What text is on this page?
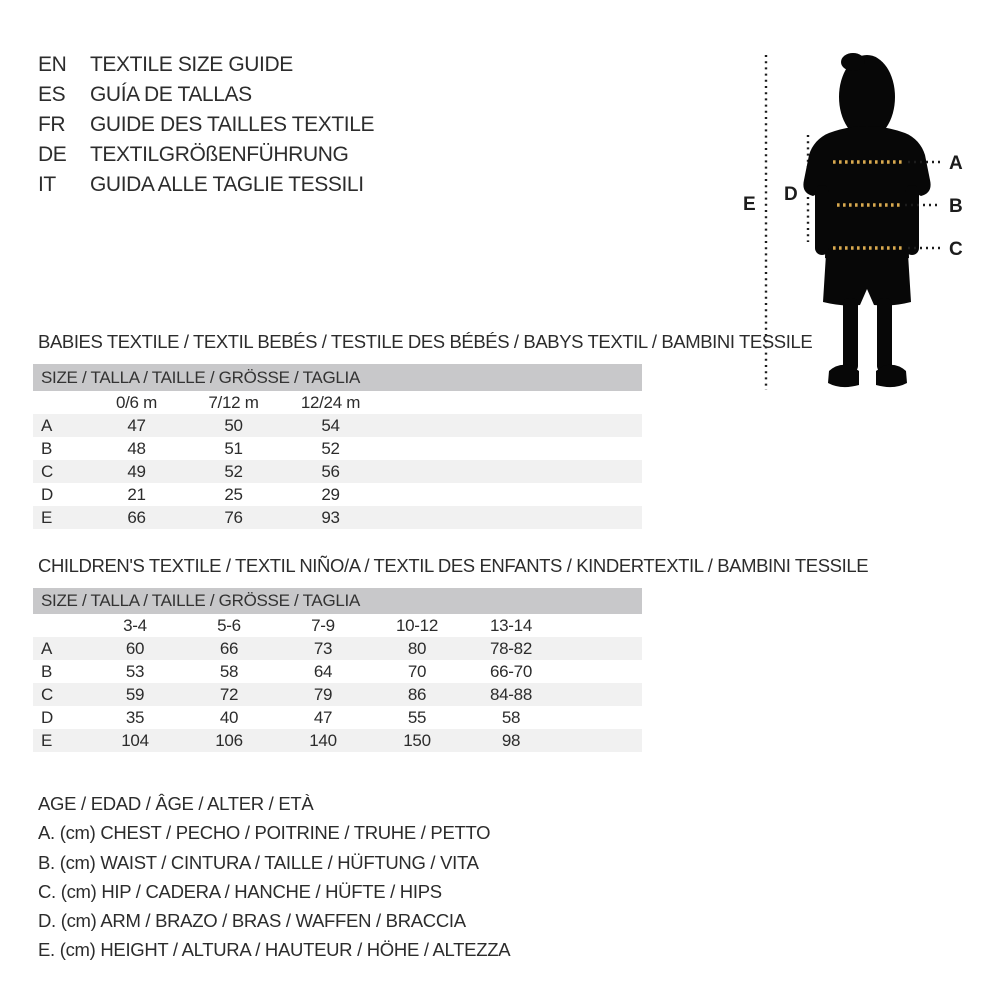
EN	TEXTILE SIZE GUIDE
ES	GUÍA DE TALLAS
FR	GUIDE DES TAILLES TEXTILE
DE	TEXTILGRÖßENFÜHRUNG
IT	GUIDA ALLE TAGLIE TESSILI
A
B
C
D
E
BABIES TEXTILE / TEXTIL BEBÉS / TESTILE DES BÉBÉS / BABYS TEXTIL / BAMBINI TESSILE
SIZE / TALLA / TAILLE / GRÖSSE / TAGLIA
	0/6 m	7/12 m	12/24 m	
A	47	50	54	
B	48	51	52	
C	49	52	56	
D	21	25	29	
E	66	76	93	
CHILDREN'S TEXTILE / TEXTIL NIÑO/A / TEXTIL DES ENFANTS / KINDERTEXTIL / BAMBINI TESSILE
SIZE / TALLA / TAILLE / GRÖSSE / TAGLIA
	3-4	5-6	7-9	10-12	13-14	
A	60	66	73	80	78-82	
B	53	58	64	70	66-70	
C	59	72	79	86	84-88	
D	35	40	47	55	58	
E	104	106	140	150	98	
AGE / EDAD / ÂGE / ALTER / ETÀ
A. (cm) CHEST / PECHO / POITRINE / TRUHE / PETTO
B. (cm) WAIST / CINTURA / TAILLE / HÜFTUNG / VITA
C. (cm) HIP / CADERA / HANCHE / HÜFTE / HIPS
D. (cm) ARM / BRAZO / BRAS / WAFFEN / BRACCIA
E. (cm) HEIGHT / ALTURA / HAUTEUR / HÖHE / ALTEZZA
